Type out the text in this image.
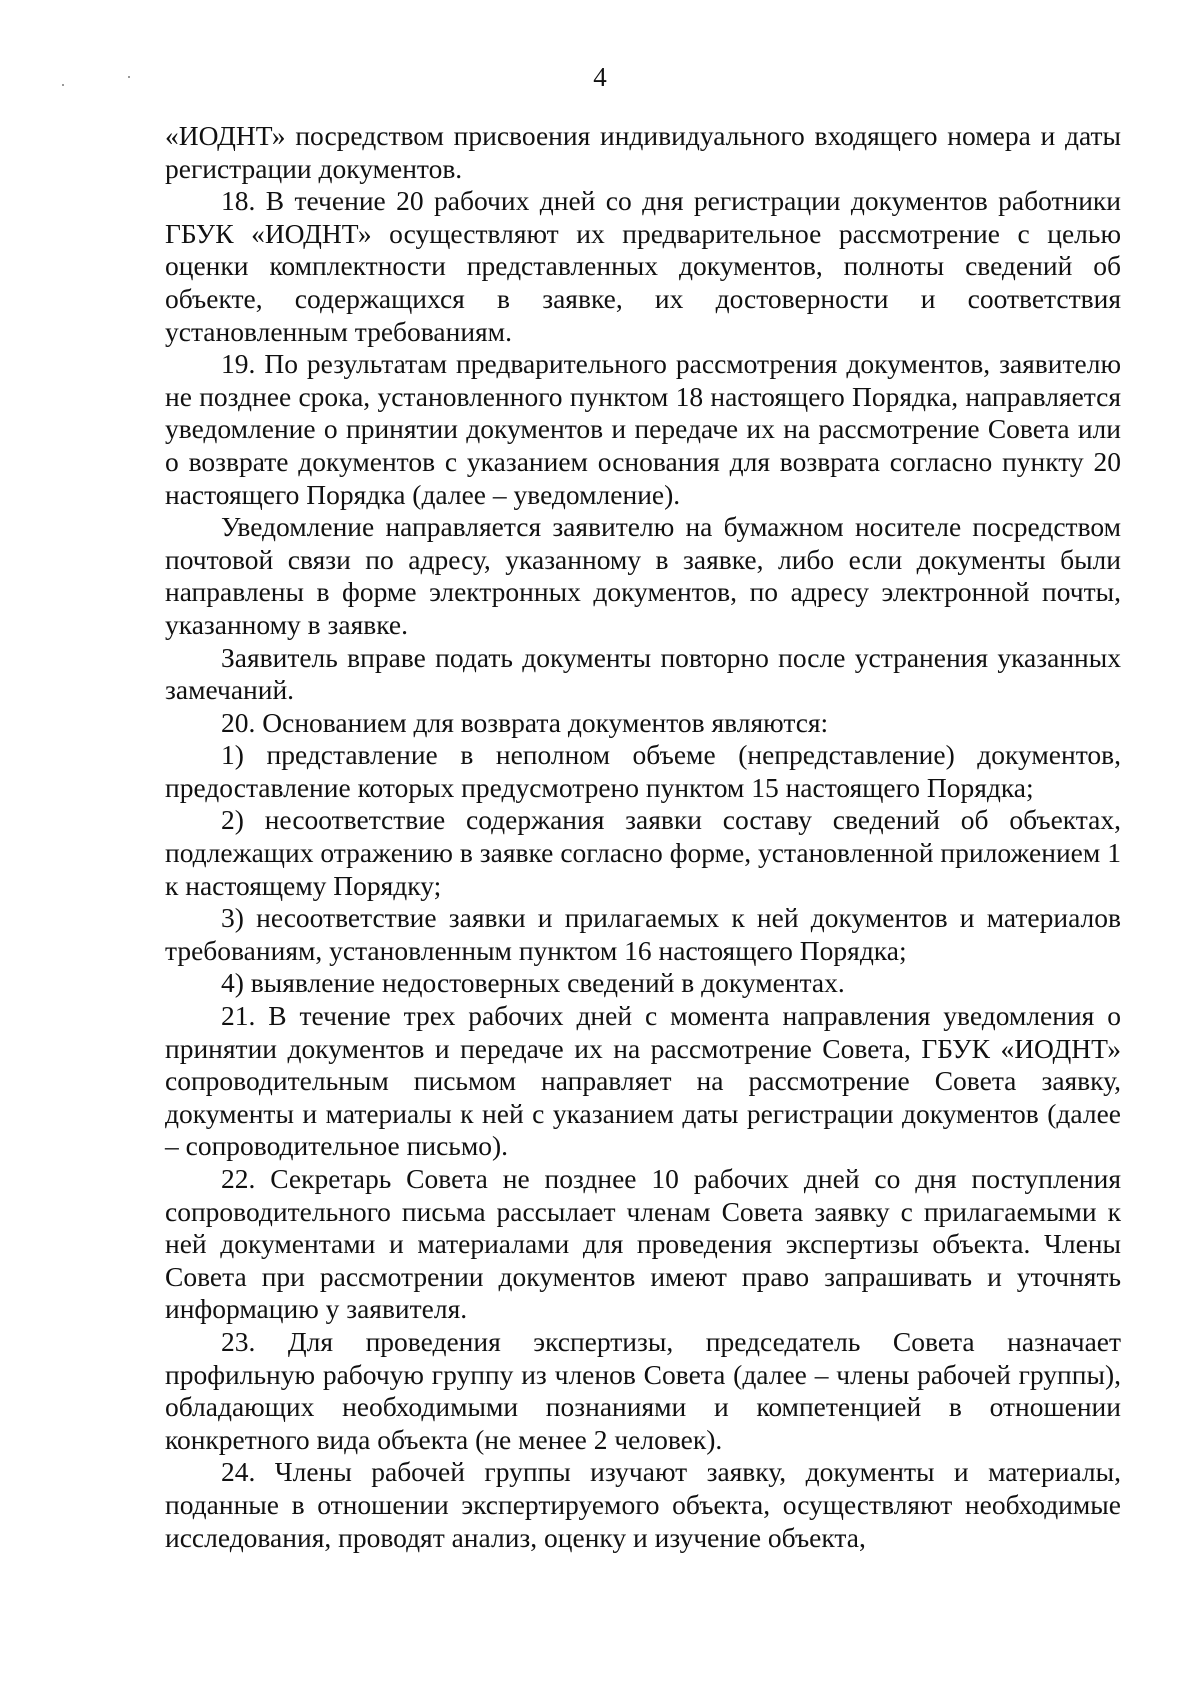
4

«ИОДНТ» посредством присвоения индивидуального входящего номера и даты регистрации документов.

18. В течение 20 рабочих дней со дня регистрации документов работники ГБУК «ИОДНТ» осуществляют их предварительное рассмотрение с целью оценки комплектности представленных документов, полноты сведений об объекте, содержащихся в заявке, их достоверности и соответствия установленным требованиям.

19. По результатам предварительного рассмотрения документов, заявителю не позднее срока, установленного пунктом 18 настоящего Порядка, направляется уведомление о принятии документов и передаче их на рассмотрение Совета или о возврате документов с указанием основания для возврата согласно пункту 20 настоящего Порядка (далее – уведомление).

Уведомление направляется заявителю на бумажном носителе посредством почтовой связи по адресу, указанному в заявке, либо если документы были направлены в форме электронных документов, по адресу электронной почты, указанному в заявке.

Заявитель вправе подать документы повторно после устранения указанных замечаний.

20. Основанием для возврата документов являются:

1) представление в неполном объеме (непредставление) документов, предоставление которых предусмотрено пунктом 15 настоящего Порядка;

2) несоответствие содержания заявки составу сведений об объектах, подлежащих отражению в заявке согласно форме, установленной приложением 1 к настоящему Порядку;

3) несоответствие заявки и прилагаемых к ней документов и материалов требованиям, установленным пунктом 16 настоящего Порядка;

4) выявление недостоверных сведений в документах.

21. В течение трех рабочих дней с момента направления уведомления о принятии документов и передаче их на рассмотрение Совета, ГБУК «ИОДНТ» сопроводительным письмом направляет на рассмотрение Совета заявку, документы и материалы к ней с указанием даты регистрации документов (далее – сопроводительное письмо).

22. Секретарь Совета не позднее 10 рабочих дней со дня поступления сопроводительного письма рассылает членам Совета заявку с прилагаемыми к ней документами и материалами для проведения экспертизы объекта. Члены Совета при рассмотрении документов имеют право запрашивать и уточнять информацию у заявителя.

23. Для проведения экспертизы, председатель Совета назначает профильную рабочую группу из членов Совета (далее – члены рабочей группы), обладающих необходимыми познаниями и компетенцией в отношении конкретного вида объекта (не менее 2 человек).

24. Члены рабочей группы изучают заявку, документы и материалы, поданные в отношении экспертируемого объекта, осуществляют необходимые исследования, проводят анализ, оценку и изучение объекта,
